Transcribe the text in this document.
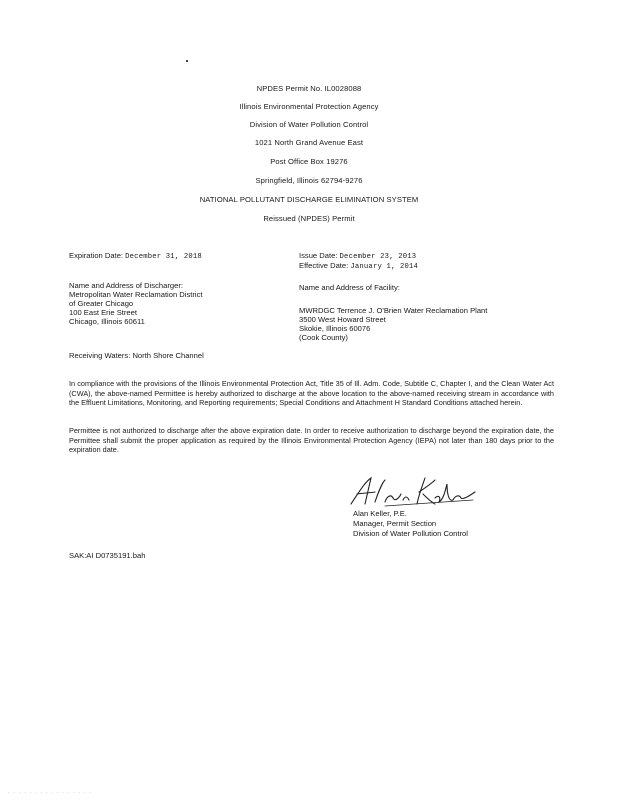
NPDES Permit No. IL0028088
Illinois Environmental Protection Agency
Division of Water Pollution Control
1021 North Grand Avenue East
Post Office Box 19276
Springfield, Illinois 62794-9276
NATIONAL POLLUTANT DISCHARGE ELIMINATION SYSTEM
Reissued (NPDES) Permit
Expiration Date: December 31, 2018	Issue Date: December 23, 2013
Effective Date: January 1, 2014
Name and Address of Discharger:
Metropolitan Water Reclamation District
of Greater Chicago
100 East Erie Street
Chicago, Illinois 60611
Name and Address of Facility:
MWRDGC Terrence J. O'Brien Water Reclamation Plant
3500 West Howard Street
Skokie, Illinois 60076
(Cook County)
Receiving Waters: North Shore Channel
In compliance with the provisions of the Illinois Environmental Protection Act, Title 35 of Ill. Adm. Code, Subtitle C, Chapter I, and the Clean Water Act (CWA), the above-named Permittee is hereby authorized to discharge at the above location to the above-named receiving stream in accordance with the Effluent Limitations, Monitoring, and Reporting requirements; Special Conditions and Attachment H Standard Conditions attached herein.
Permittee is not authorized to discharge after the above expiration date. In order to receive authorization to discharge beyond the expiration date, the Permittee shall submit the proper application as required by the Illinois Environmental Protection Agency (IEPA) not later than 180 days prior to the expiration date.
Alan Keller, P.E.
Manager, Permit Section
Division of Water Pollution Control
SAK:AI D0735191.bah
- - - - - - - - - - - - - - - -
